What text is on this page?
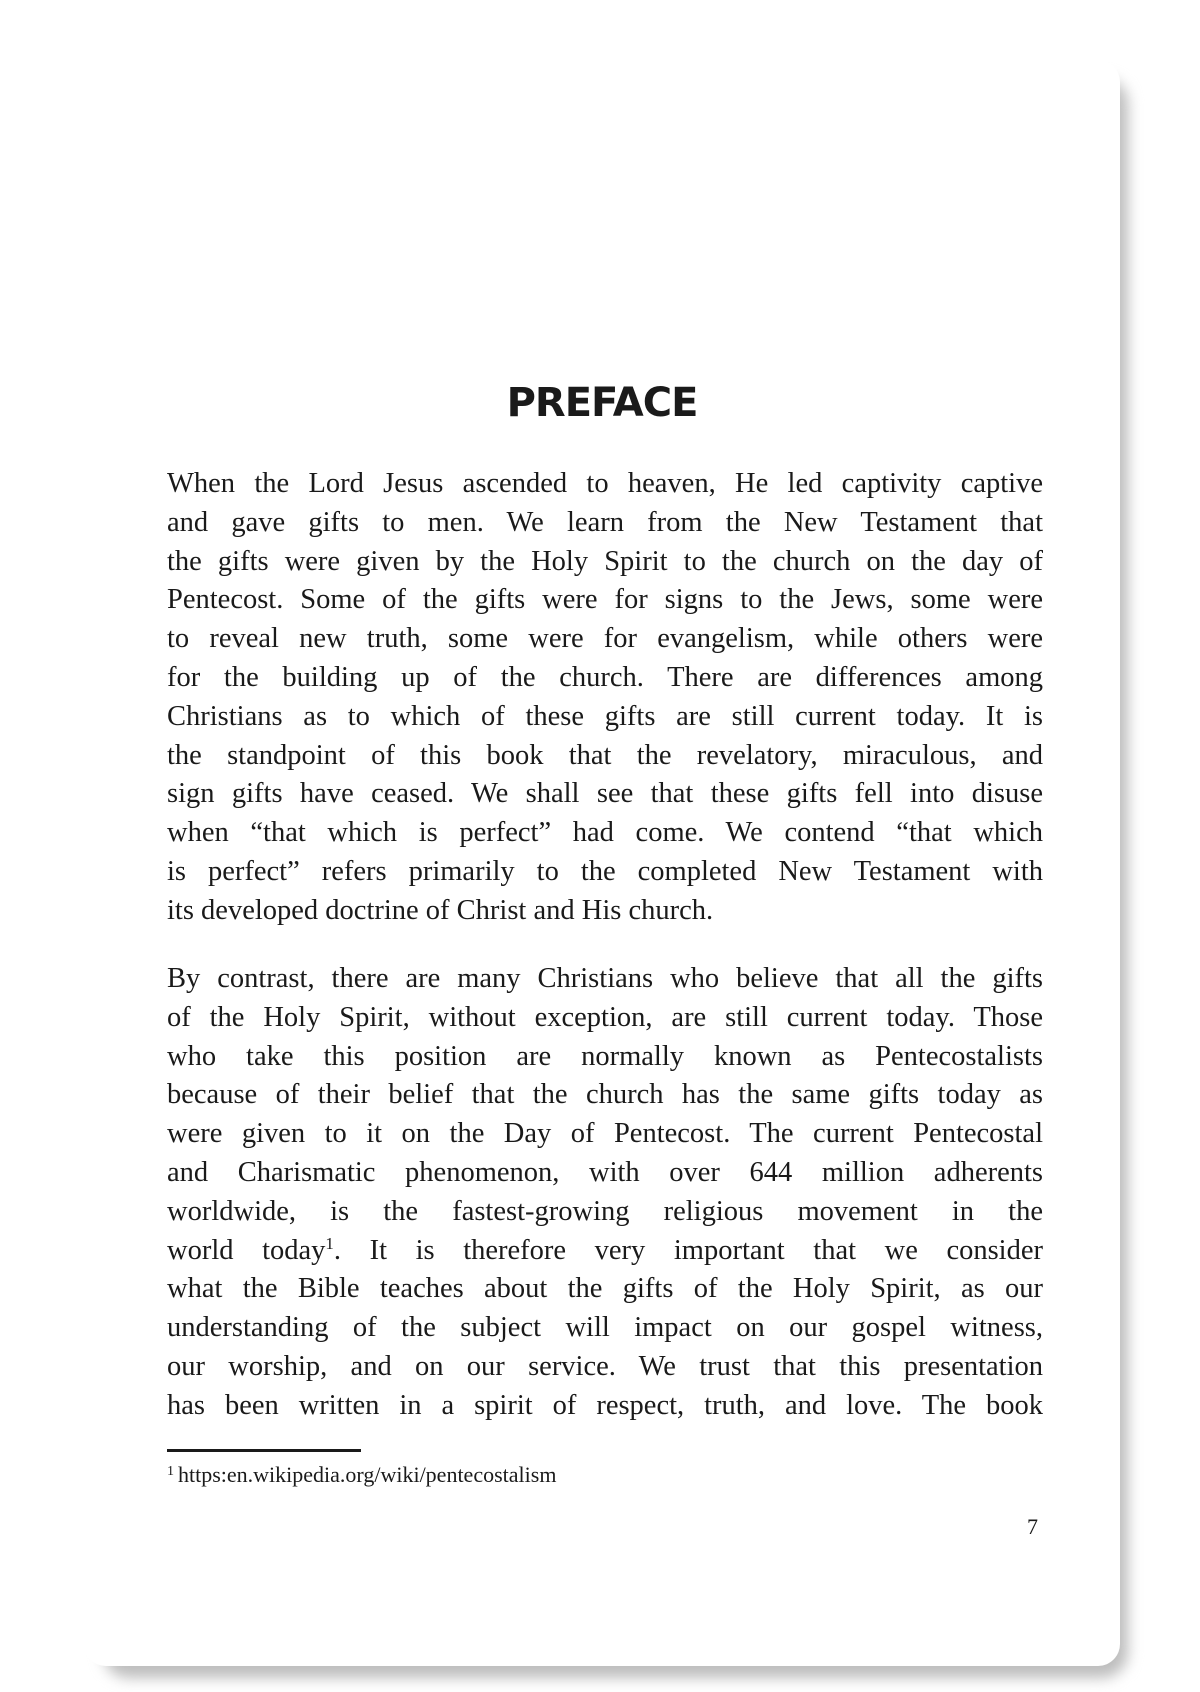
PREFACE
When the Lord Jesus ascended to heaven, He led captivity captive
and gave gifts to men. We learn from the New Testament that
the gifts were given by the Holy Spirit to the church on the day of
Pentecost. Some of the gifts were for signs to the Jews, some were
to reveal new truth, some were for evangelism, while others were
for the building up of the church. There are differences among
Christians as to which of these gifts are still current today. It is
the standpoint of this book that the revelatory, miraculous, and
sign gifts have ceased. We shall see that these gifts fell into disuse
when “that which is perfect” had come. We contend “that which
is perfect” refers primarily to the completed New Testament with
its developed doctrine of Christ and His church.
By contrast, there are many Christians who believe that all the gifts
of the Holy Spirit, without exception, are still current today. Those
who take this position are normally known as Pentecostalists
because of their belief that the church has the same gifts today as
were given to it on the Day of Pentecost. The current Pentecostal
and Charismatic phenomenon, with over 644 million adherents
worldwide, is the fastest-growing religious movement in the
world today$^1$. It is therefore very important that we consider
what the Bible teaches about the gifts of the Holy Spirit, as our
understanding of the subject will impact on our gospel witness,
our worship, and on our service. We trust that this presentation
has been written in a spirit of respect, truth, and love. The book
$^1$ https:en.wikipedia.org/wiki/pentecostalism
7
